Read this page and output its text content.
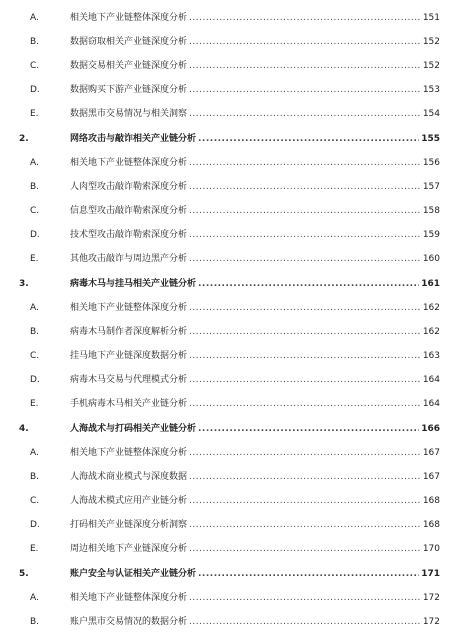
A.	相关地下产业链整体深度分析 .....	151
B.	数据窃取相关产业链深度分析 .....	152
C.	数据交易相关产业链深度分析 .....	152
D.	数据购买下游产业链深度分析 .....	153
E.	数据黑市交易情况与相关洞察 .....	154
2.	网络攻击与敲诈相关产业链分析 .....	155
A.	相关地下产业链整体深度分析 .....	156
B.	人肉型攻击敲诈勒索深度分析 .....	157
C.	信息型攻击敲诈勒索深度分析 .....	158
D.	技术型攻击敲诈勒索深度分析 .....	159
E.	其他攻击敲诈与周边黑产分析 .....	160
3.	病毒木马与挂马相关产业链分析 .....	161
A.	相关地下产业链整体深度分析 .....	162
B.	病毒木马制作者深度解析分析 .....	162
C.	挂马地下产业链深度数据分析 .....	163
D.	病毒木马交易与代理模式分析 .....	164
E.	手机病毒木马相关产业链分析 .....	164
4.	人海战术与打码相关产业链分析 .....	166
A.	相关地下产业链整体深度分析 .....	167
B.	人海战术商业模式与深度数据 .....	167
C.	人海战术模式应用产业链分析 .....	168
D.	打码相关产业链深度分析洞察 .....	168
E.	周边相关地下产业链深度分析 .....	170
5.	账户安全与认证相关产业链分析 .....	171
A.	相关地下产业链整体深度分析 .....	172
B.	账户黑市交易情况的数据分析 .....	172
